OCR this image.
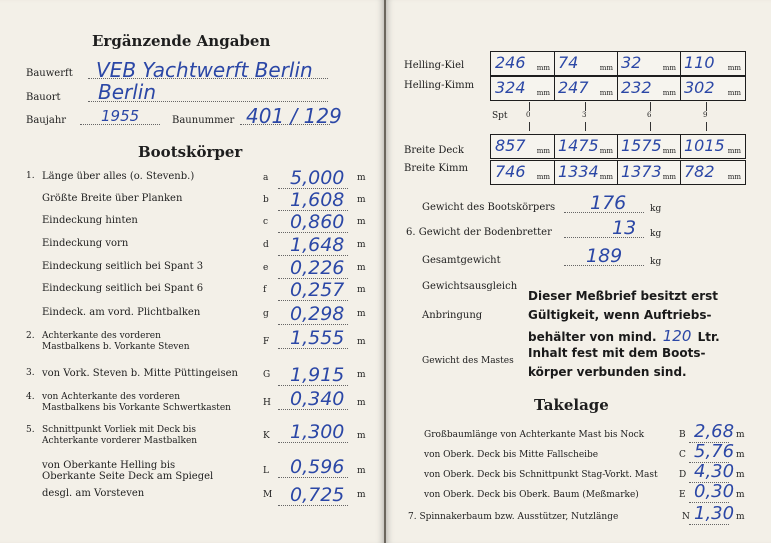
Ergänzende Angaben
Bauwerft VEB Yachtwerft Berlin
Bauort Berlin
Baujahr 1955	Baunummer 401 / 129
Bootskörper
1. Länge über alles (o. Stevenb.)	a 5,000 m
Größte Breite über Planken	b 1,608 m
Eindeckung hinten	c 0,860 m
Eindeckung vorn	d 1,648 m
Eindeckung seitlich bei Spant 3	e 0,226 m
Eindeckung seitlich bei Spant 6	f 0,257 m
Eindeck. am vord. Plichtbalken	g 0,298 m
2. Achterkante des vorderen
Mastbalkens b. Vorkante Steven	F 1,555 m
3. von Vork. Steven b. Mitte Püttingeisen	G 1,915 m
4. von Achterkante des vorderen
Mastbalkens bis Vorkante Schwertkasten	H 0,340 m
5. Schnittpunkt Vorliek mit Deck bis
Achterkante vorderer Mastbalken	K 1,300 m
von Oberkante Helling bis
Oberkante Seite Deck am Spiegel	L 0,596 m
desgl. am Vorsteven	M 0,725 m
Helling-Kiel
Helling-Kimm
246 mm 74	mm 32	mm 110 mm
324 mm 247 mm 232 mm 302 mm
Spt	0	3	6	9
Breite Deck
Breite Kimm
857 mm 1475 mm 1575 mm 1015 mm
746 mm 1334 mm 1373 mm 782 mm
Gewicht des Bootskörpers 176	kg
6. Gewicht der Bodenbretter	13 kg
Gesamtgewicht	189	kg
Gewichtsausgleich
Anbringung
Gewicht des Mastes
Dieser Meßbrief besitzt erst
Gültigkeit, wenn Auftriebs-
behälter von mind. 120 Ltr.
Inhalt fest mit dem Boots-
körper verbunden sind.
Takelage
Großbaumlänge von Achterkante Mast bis Nock	B 2,68 m
von Oberk. Deck bis Mitte Fallscheibe	C 5,76 m
von Oberk. Deck bis Schnittpunkt Stag-Vorkt. Mast D 4,30 m
von Oberk. Deck bis Oberk. Baum (Meßmarke)	E 0,30 m
7. Spinnakerbaum bzw. Ausstützer, Nutzlänge	N 1,30 m
